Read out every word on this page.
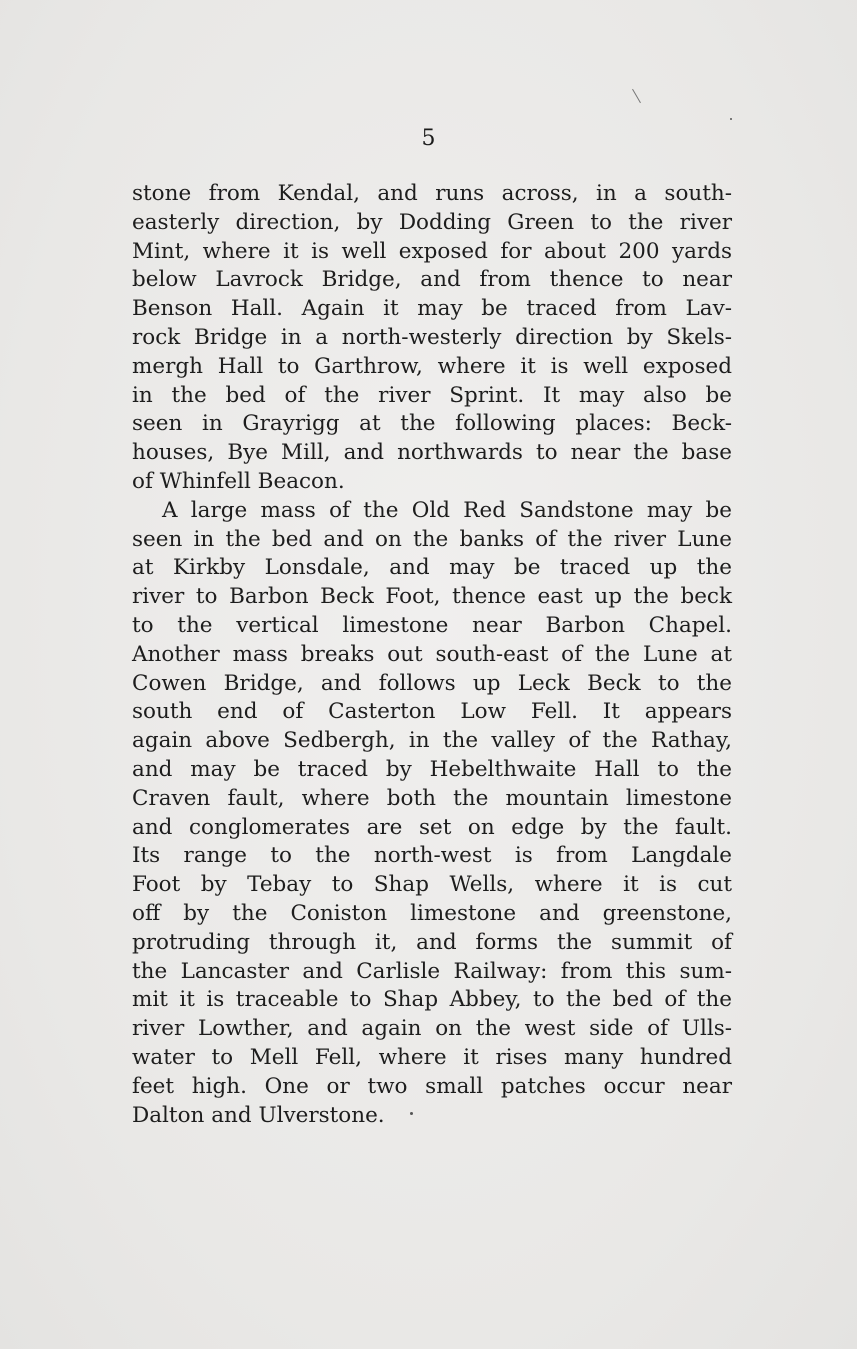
5
stone from Kendal, and runs across, in a south-
easterly direction, by Dodding Green to the river
Mint, where it is well exposed for about 200 yards
below Lavrock Bridge, and from thence to near
Benson Hall. Again it may be traced from Lav-
rock Bridge in a north-westerly direction by Skels-
mergh Hall to Garthrow, where it is well exposed
in the bed of the river Sprint. It may also be
seen in Grayrigg at the following places: Beck-
houses, Bye Mill, and northwards to near the base
of Whinfell Beacon.
A large mass of the Old Red Sandstone may be
seen in the bed and on the banks of the river Lune
at Kirkby Lonsdale, and may be traced up the
river to Barbon Beck Foot, thence east up the beck
to the vertical limestone near Barbon Chapel.
Another mass breaks out south-east of the Lune at
Cowen Bridge, and follows up Leck Beck to the
south end of Casterton Low Fell. It appears
again above Sedbergh, in the valley of the Rathay,
and may be traced by Hebelthwaite Hall to the
Craven fault, where both the mountain limestone
and conglomerates are set on edge by the fault.
Its range to the north-west is from Langdale
Foot by Tebay to Shap Wells, where it is cut
off by the Coniston limestone and greenstone,
protruding through it, and forms the summit of
the Lancaster and Carlisle Railway: from this sum-
mit it is traceable to Shap Abbey, to the bed of the
river Lowther, and again on the west side of Ulls-
water to Mell Fell, where it rises many hundred
feet high. One or two small patches occur near
Dalton and Ulverstone.
